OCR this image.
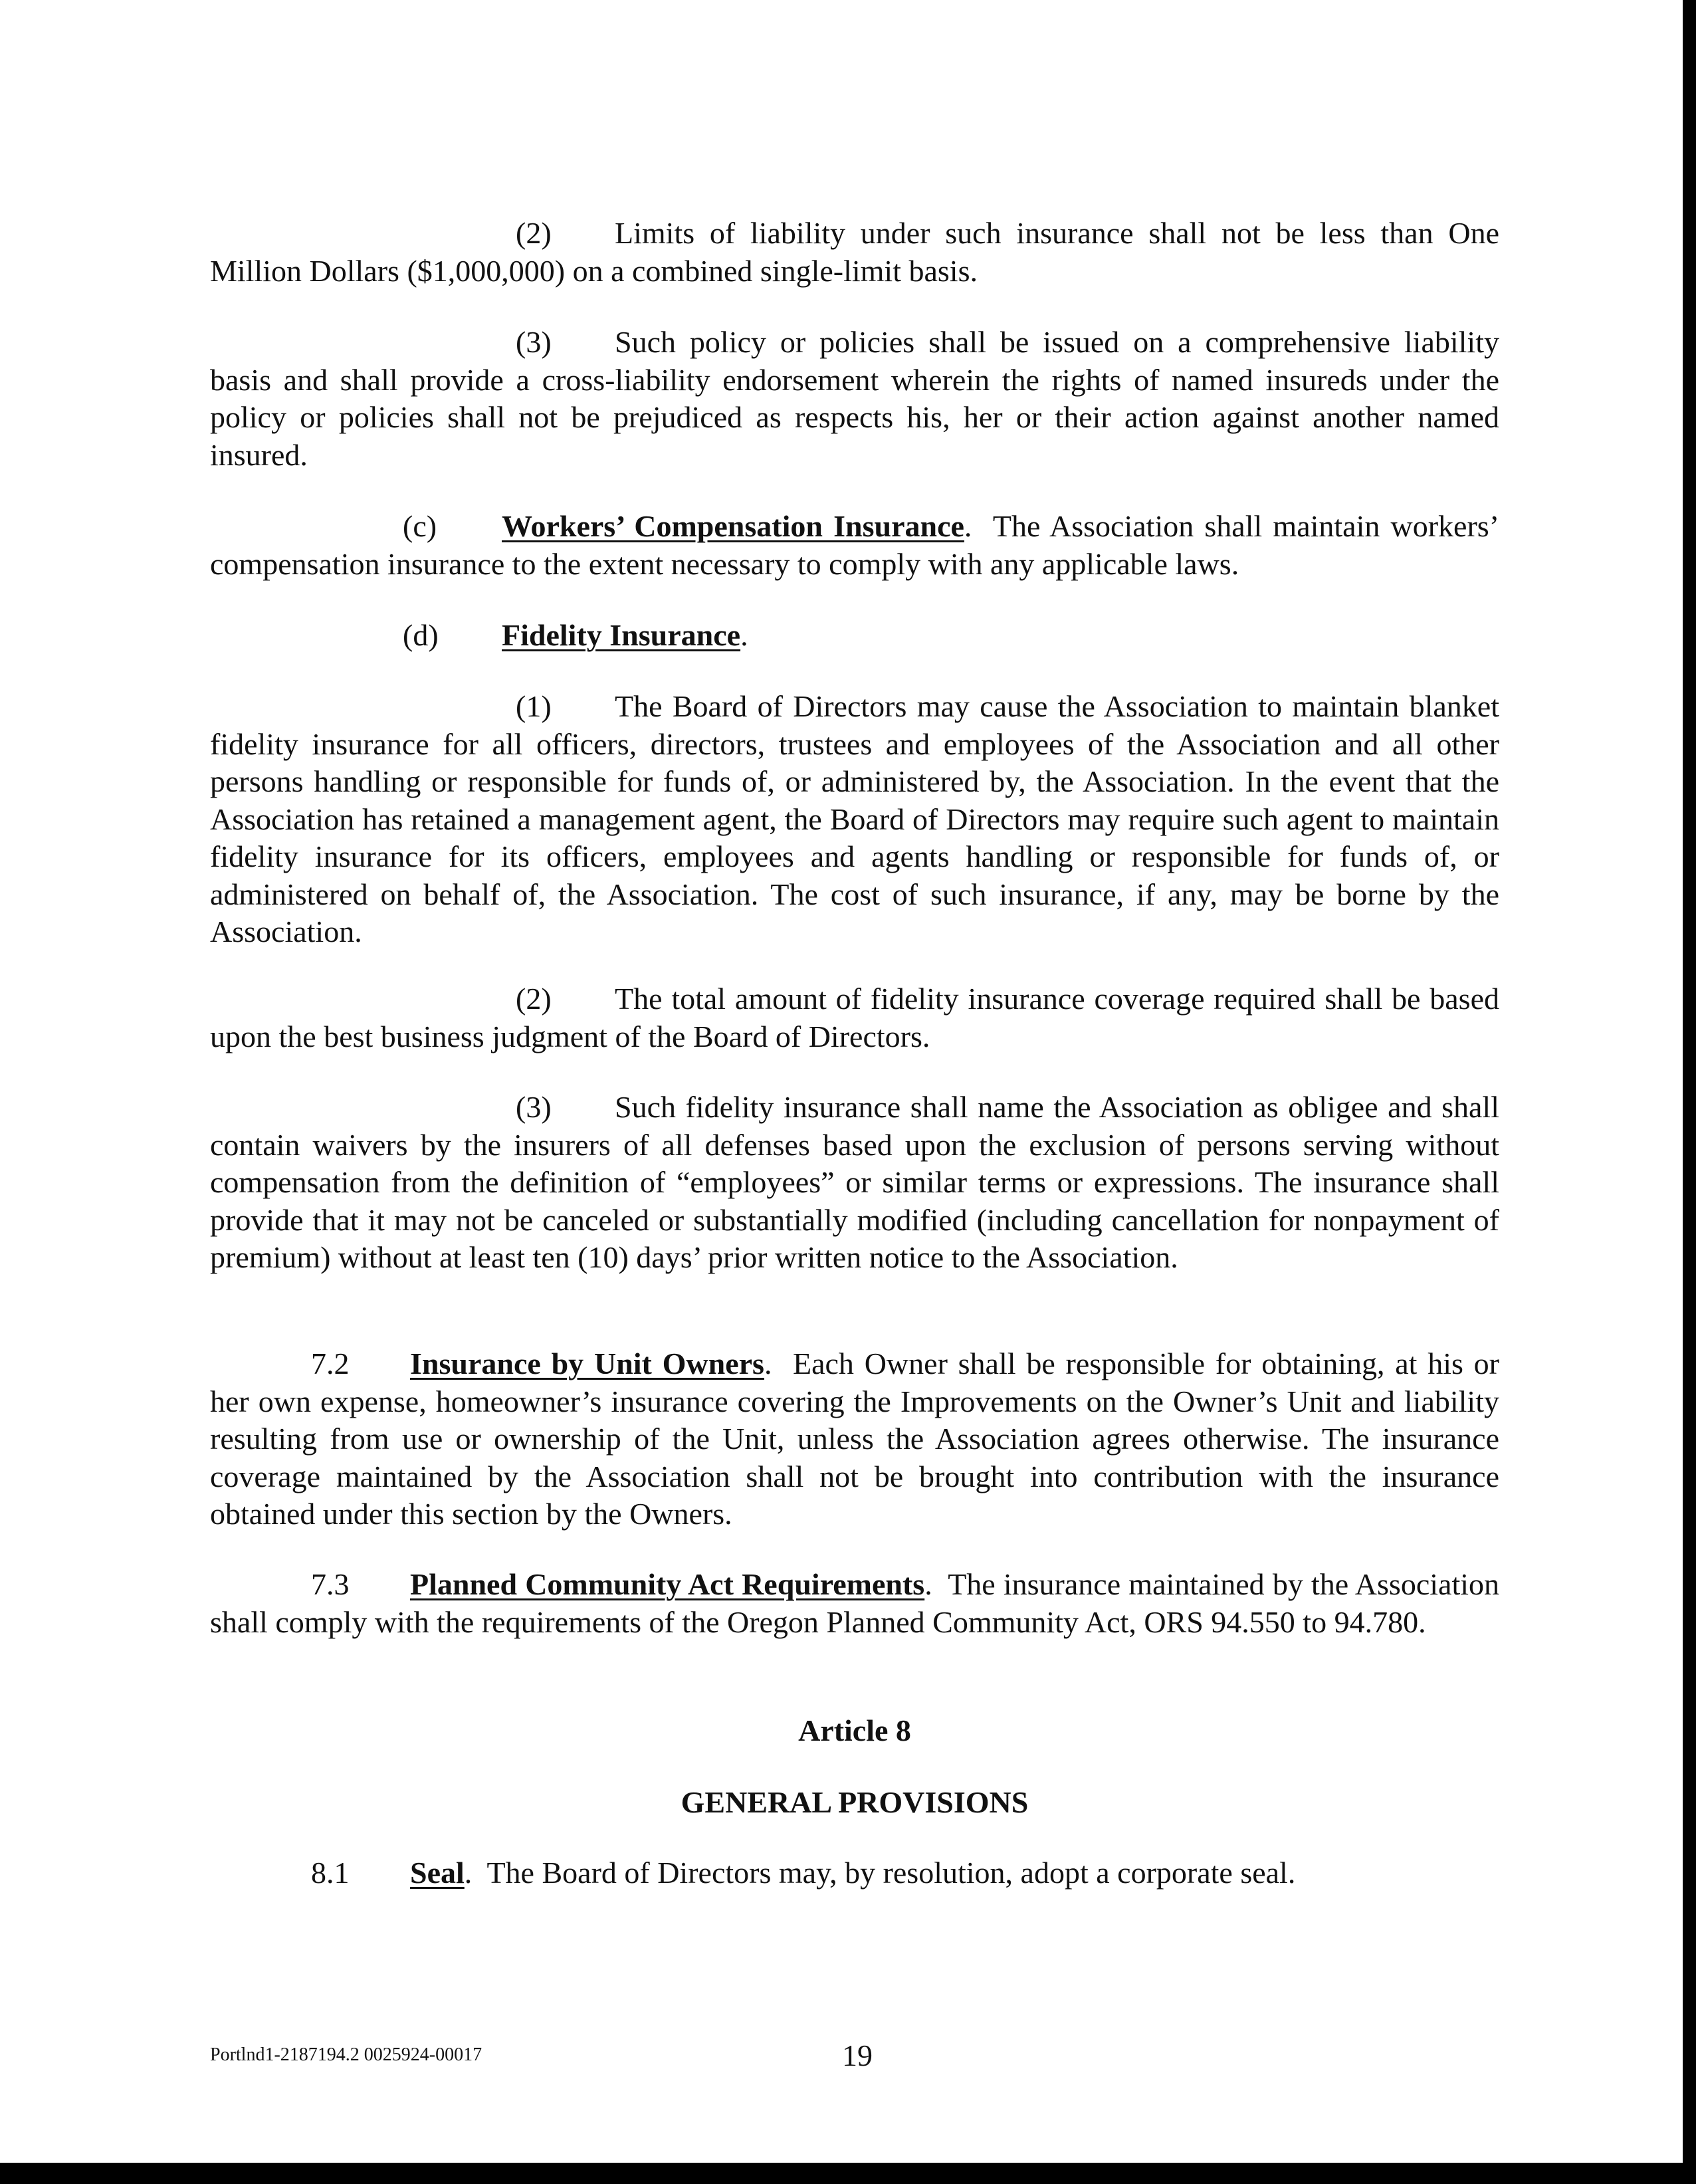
(2) Limits of liability under such insurance shall not be less than One Million Dollars ($1,000,000) on a combined single-limit basis.
(3) Such policy or policies shall be issued on a comprehensive liability basis and shall provide a cross-liability endorsement wherein the rights of named insureds under the policy or policies shall not be prejudiced as respects his, her or their action against another named insured.
(c) Workers’ Compensation Insurance. The Association shall maintain workers’ compensation insurance to the extent necessary to comply with any applicable laws.
(d) Fidelity Insurance.
(1) The Board of Directors may cause the Association to maintain blanket fidelity insurance for all officers, directors, trustees and employees of the Association and all other persons handling or responsible for funds of, or administered by, the Association. In the event that the Association has retained a management agent, the Board of Directors may require such agent to maintain fidelity insurance for its officers, employees and agents handling or responsible for funds of, or administered on behalf of, the Association. The cost of such insurance, if any, may be borne by the Association.
(2) The total amount of fidelity insurance coverage required shall be based upon the best business judgment of the Board of Directors.
(3) Such fidelity insurance shall name the Association as obligee and shall contain waivers by the insurers of all defenses based upon the exclusion of persons serving without compensation from the definition of “employees” or similar terms or expressions. The insurance shall provide that it may not be canceled or substantially modified (including cancellation for nonpayment of premium) without at least ten (10) days’ prior written notice to the Association.
7.2 Insurance by Unit Owners. Each Owner shall be responsible for obtaining, at his or her own expense, homeowner’s insurance covering the Improvements on the Owner’s Unit and liability resulting from use or ownership of the Unit, unless the Association agrees otherwise. The insurance coverage maintained by the Association shall not be brought into contribution with the insurance obtained under this section by the Owners.
7.3 Planned Community Act Requirements. The insurance maintained by the Association shall comply with the requirements of the Oregon Planned Community Act, ORS 94.550 to 94.780.
Article 8
GENERAL PROVISIONS
8.1 Seal. The Board of Directors may, by resolution, adopt a corporate seal.
Portlnd1-2187194.2 0025924-00017	19
